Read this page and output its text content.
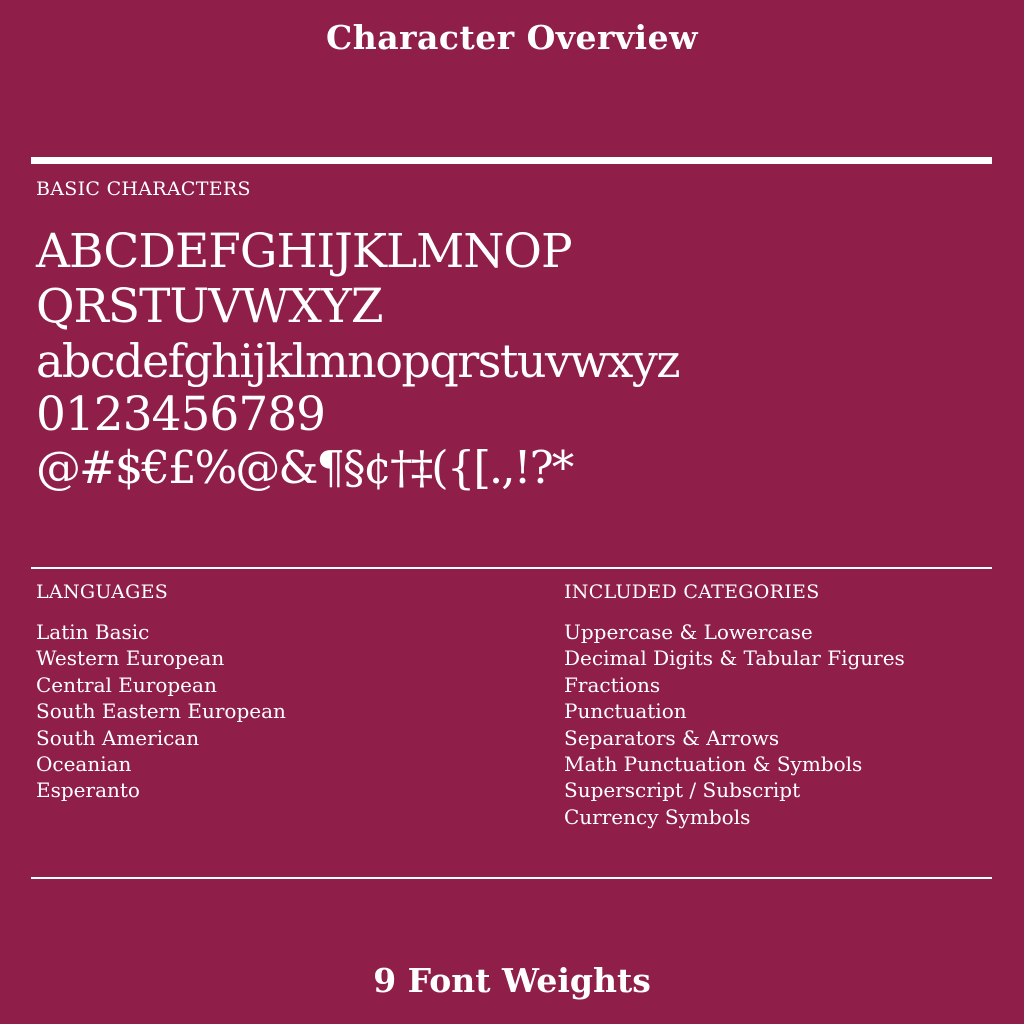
Character Overview
BASIC CHARACTERS
ABCDEFGHIJKLMNOP
QRSTUVWXYZ
abcdefghijklmnopqrstuvwxyz
0123456789
@#$€£%@&¶§¢†‡({[.,!?*
LANGUAGES
Latin Basic
Western European
Central European
South Eastern European
South American
Oceanian
Esperanto
INCLUDED CATEGORIES
Uppercase & Lowercase
Decimal Digits & Tabular Figures
Fractions
Punctuation
Separators & Arrows
Math Punctuation & Symbols
Superscript / Subscript
Currency Symbols
9 Font Weights
